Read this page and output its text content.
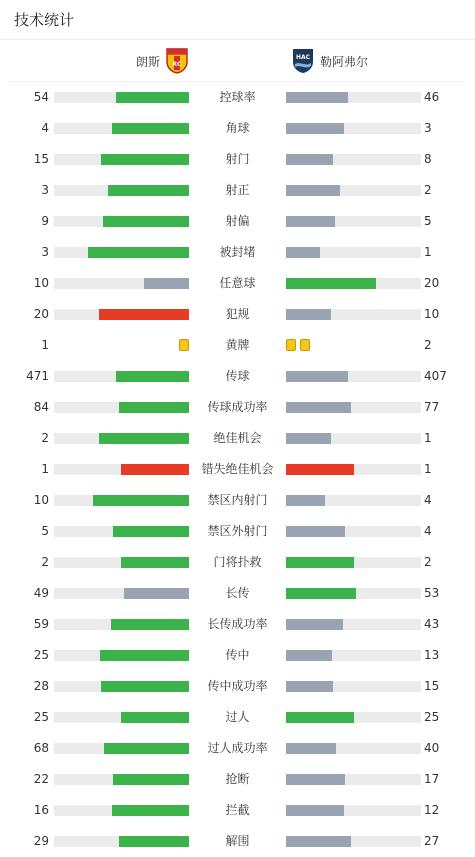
技术统计
朗斯 RC
HAC 勒阿弗尔
54	控球率	46
4	角球	3
15	射门	8
3	射正	2
9	射偏	5
3	被封堵	1
10	任意球	20
20	犯规	10
1	黄牌	2
471	传球	407
84	传球成功率	77
2	绝佳机会	1
1	错失绝佳机会	1
10	禁区内射门	4
5	禁区外射门	4
2	门将扑救	2
49	长传	53
59	长传成功率	43
25	传中	13
28	传中成功率	15
25	过人	25
68	过人成功率	40
22	抢断	17
16	拦截	12
29	解围	27
